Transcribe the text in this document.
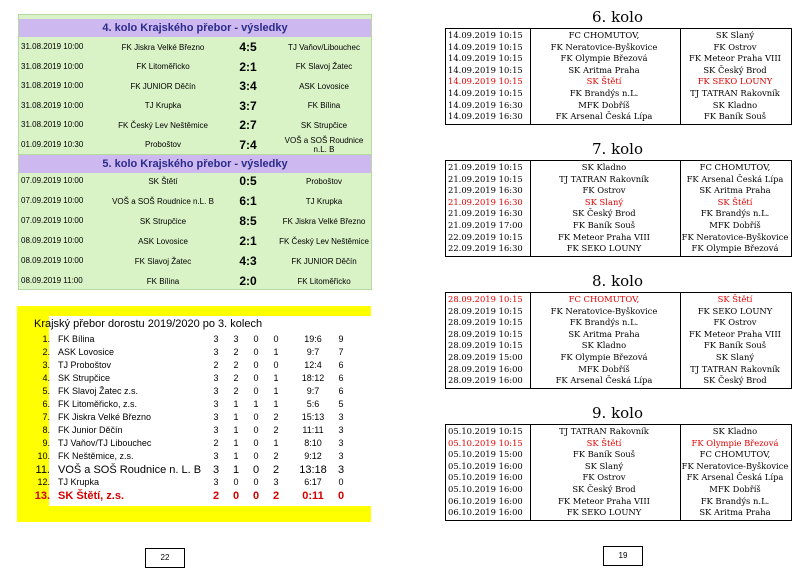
4. kolo Krajského přebor - výsledky
31.08.2019 10:00	FK Jiskra Velké Březno	4:5	TJ Vaňov/Libouchec
31.08.2019 10:00	FK Litoměřicko	2:1	FK Slavoj Žatec
31.08.2019 10:00	FK JUNIOR Děčín	3:4	ASK Lovosice
31.08.2019 10:00	TJ Krupka	3:7	FK Bílina
31.08.2019 10:00	FK Český Lev Neštěmice	2:7	SK Strupčice
01.09.2019 10:30	Proboštov	7:4	VOŠ a SOŠ Roudnice n.L. B
5. kolo Krajského přebor - výsledky
07.09.2019 10:00	SK Štětí	0:5	Proboštov
07.09.2019 10:00	VOŠ a SOŠ Roudnice n.L. B	6:1	TJ Krupka
07.09.2019 10:00	SK Strupčice	8:5	FK Jiskra Velké Březno
08.09.2019 10:00	ASK Lovosice	2:1	FK Český Lev Neštěmice
08.09.2019 10:00	FK Slavoj Žatec	4:3	FK JUNIOR Děčín
08.09.2019 11:00	FK Bílina	2:0	FK Litoměřicko
Krajský přebor dorostu 2019/2020 po 3. kolech
1. FK Bílina	3	3	0	0	19:6	9
2. ASK Lovosice	3	2	0	1	9:7	7
3. TJ Proboštov	2	2	0	0	12:4	6
4. SK Strupčice	3	2	0	1	18:12	6
5. FK Slavoj Žatec z.s.	3	2	0	1	9:7	6
6. FK Litoměřicko, z.s.	3	1	1	1	5:6	5
7. FK Jiskra Velké Březno	3	1	0	2	15:13	3
8. FK Junior Děčín	3	1	0	2	11:11	3
9. TJ Vaňov/TJ Libouchec	2	1	0	1	8:10	3
10. FK Neštěmice, z.s.	3	1	0	2	9:12	3
11. VOŠ a SOŠ Roudnice n. L. B	3 1 0 2	13:18	3
12. TJ Krupka	3	0	0	3	6:17	0
13. SK Štětí, z.s.	2 0 0 2	0:11	0
22
6. kolo
14.09.2019 10:15	FC CHOMUTOV,	SK Slaný
14.09.2019 10:15	FK Neratovice-Byškovice	FK Ostrov
14.09.2019 10:15	FK Olympie Březová	FK Meteor Praha VIII
14.09.2019 10:15	SK Aritma Praha	SK Český Brod
14.09.2019 10:15	SK Štětí	FK SEKO LOUNY
14.09.2019 10:15	FK Brandýs n.L.	TJ TATRAN Rakovník
14.09.2019 16:30	MFK Dobříš	SK Kladno
14.09.2019 16:30	FK Arsenal Česká Lípa	FK Baník Souš
7. kolo
21.09.2019 10:15	SK Kladno	FC CHOMUTOV,
21.09.2019 10:15	TJ TATRAN Rakovník	FK Arsenal Česká Lípa
21.09.2019 16:30	FK Ostrov	SK Aritma Praha
21.09.2019 16:30	SK Slaný	SK Štětí
21.09.2019 16:30	SK Český Brod	FK Brandýs n.L.
21.09.2019 17:00	FK Baník Souš	MFK Dobříš
22.09.2019 10:15	FK Meteor Praha VIII	FK Neratovice-Byškovice
22.09.2019 16:30	FK SEKO LOUNY	FK Olympie Březová
8. kolo
28.09.2019 10:15	FC CHOMUTOV,	SK Štětí
28.09.2019 10:15	FK Neratovice-Byškovice	FK SEKO LOUNY
28.09.2019 10:15	FK Brandýs n.L.	FK Ostrov
28.09.2019 10:15	SK Aritma Praha	FK Meteor Praha VIII
28.09.2019 10:15	SK Kladno	FK Baník Souš
28.09.2019 15:00	FK Olympie Březová	SK Slaný
28.09.2019 16:00	MFK Dobříš	TJ TATRAN Rakovník
28.09.2019 16:00	FK Arsenal Česká Lípa	SK Český Brod
9. kolo
05.10.2019 10:15	TJ TATRAN Rakovník	SK Kladno
05.10.2019 10:15	SK Štětí	FK Olympie Březová
05.10.2019 15:00	FK Baník Souš	FC CHOMUTOV,
05.10.2019 16:00	SK Slaný	FK Neratovice-Byškovice
05.10.2019 16:00	FK Ostrov	FK Arsenal Česká Lípa
05.10.2019 16:00	SK Český Brod	MFK Dobříš
06.10.2019 16:00	FK Meteor Praha VIII	FK Brandýs n.L.
06.10.2019 16:00	FK SEKO LOUNY	SK Aritma Praha
19
